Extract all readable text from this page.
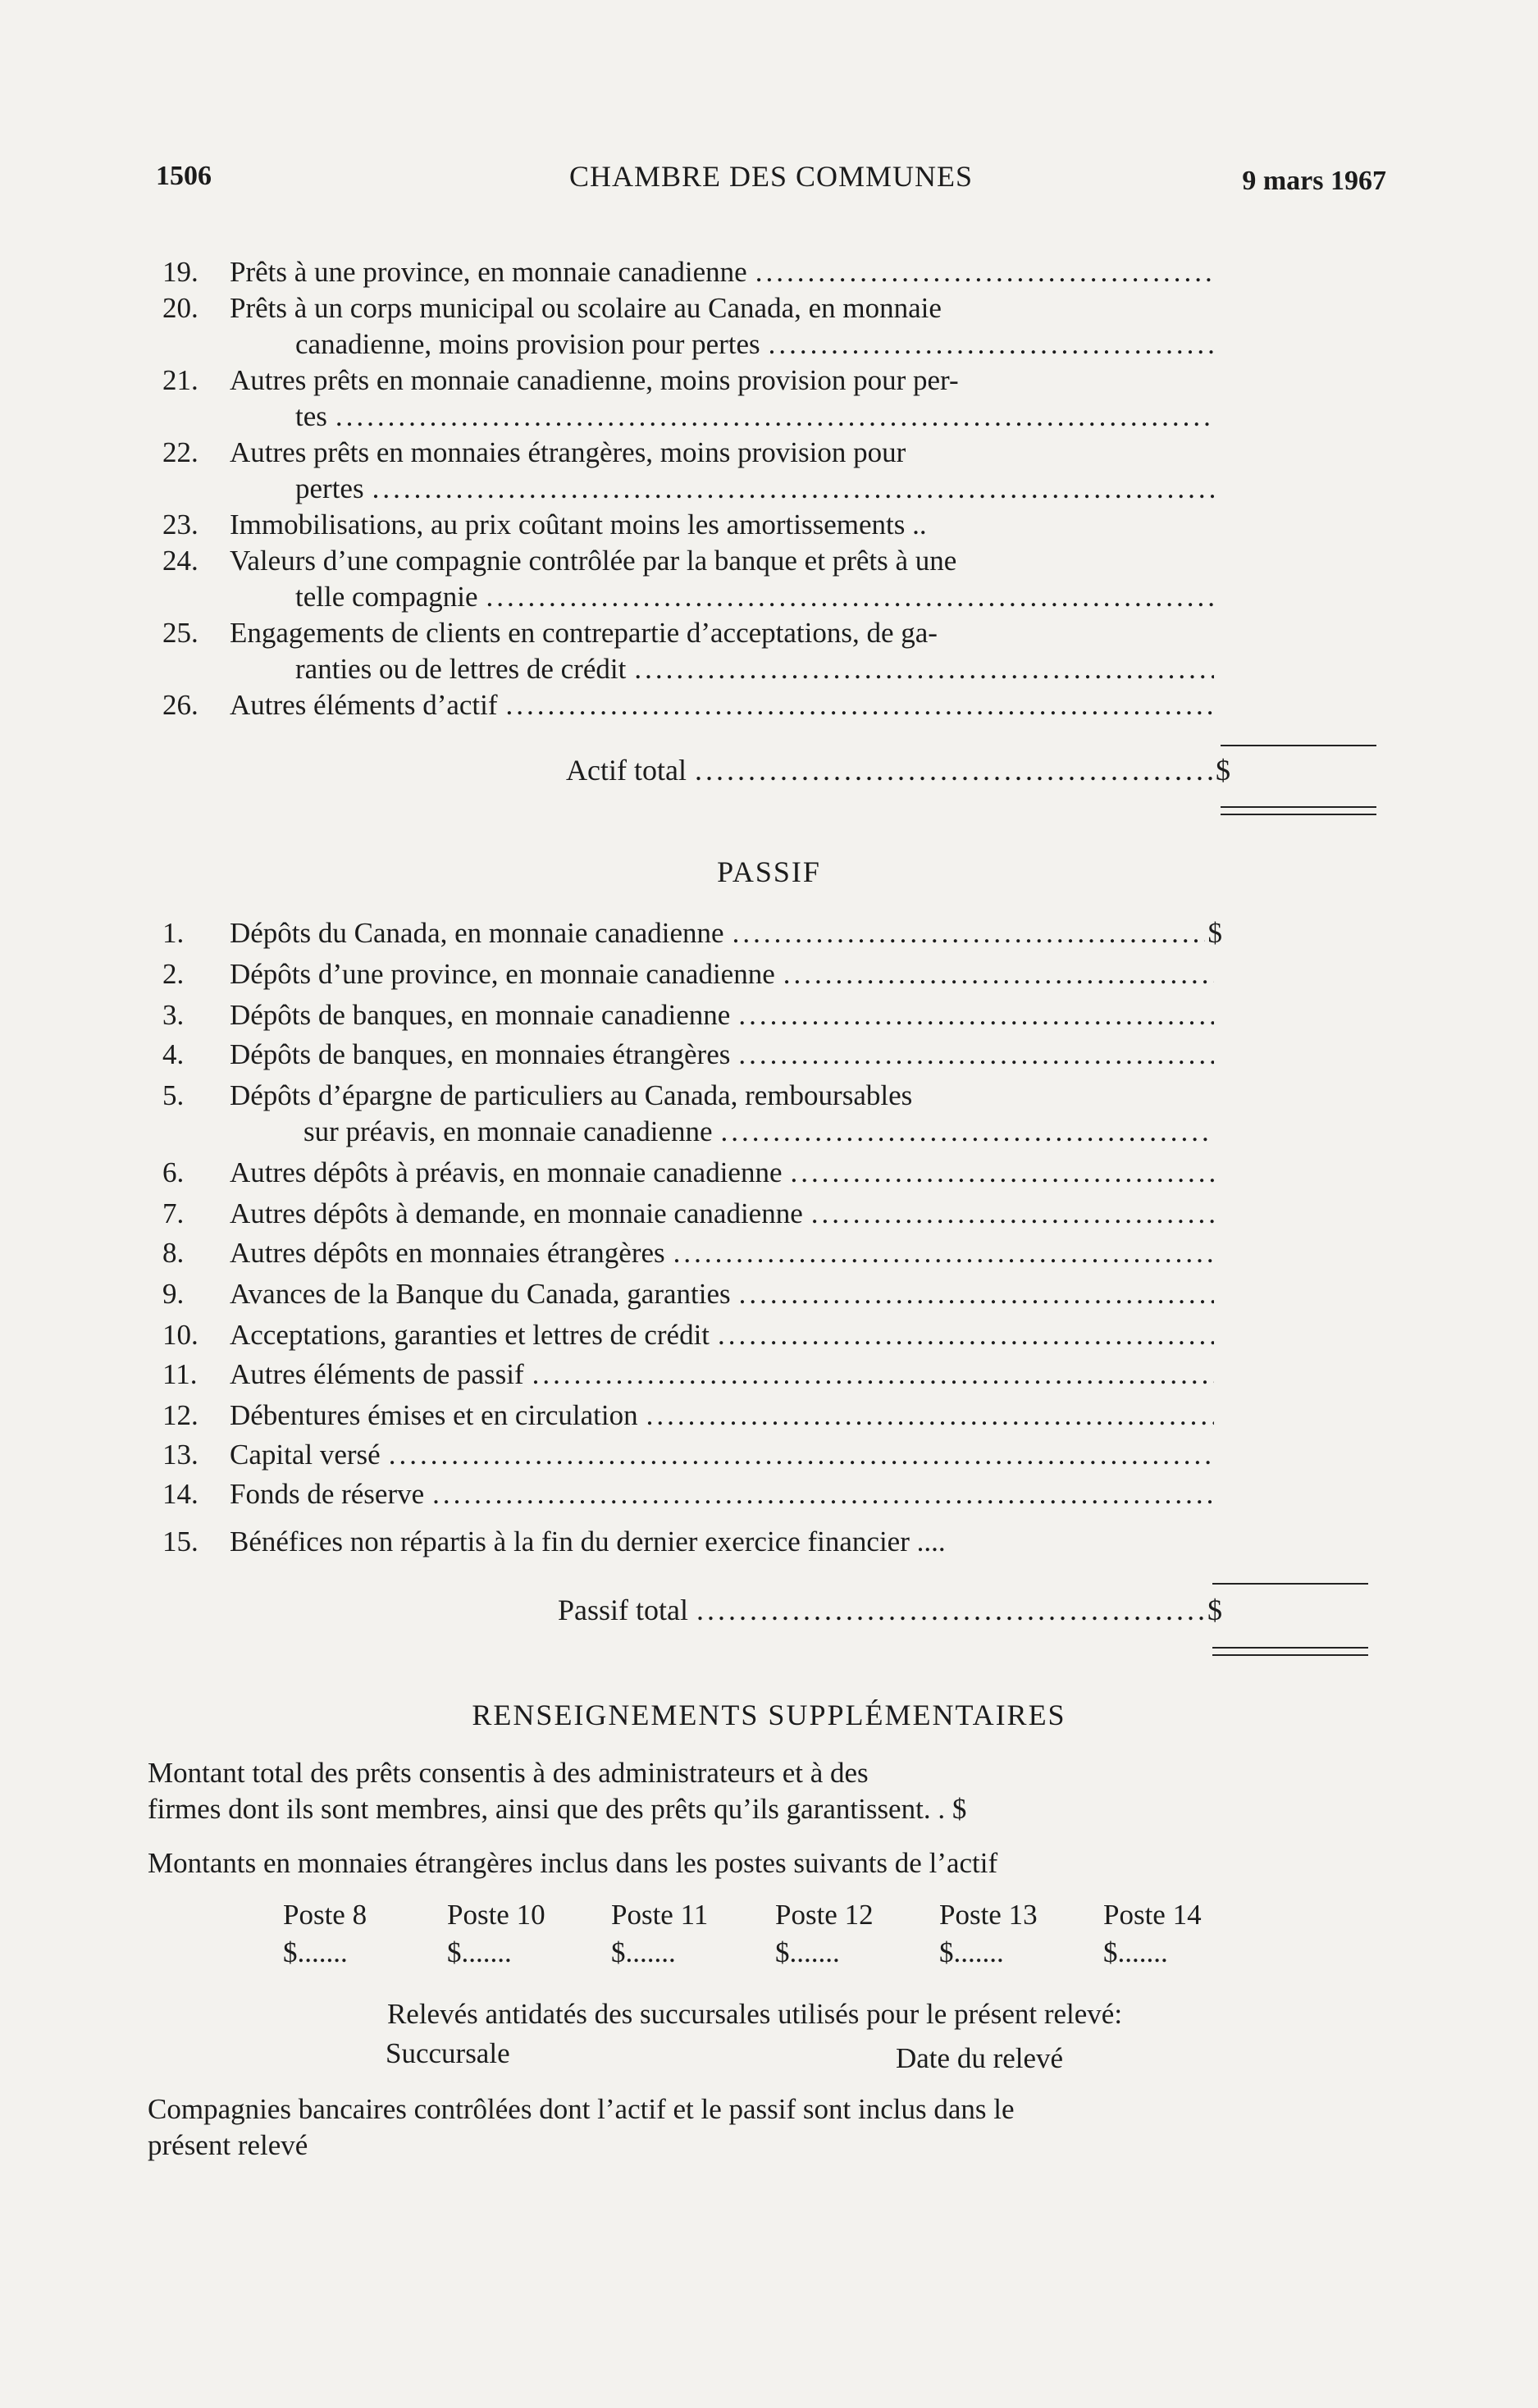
1506	CHAMBRE DES COMMUNES	9 mars 1967
19. Prêts à une province, en monnaie canadienne
.....
20. Prêts à un corps municipal ou scolaire au Canada, en monnaie
canadienne, moins provision pour pertes
.....
21. Autres prêts en monnaie canadienne, moins provision pour per-
tes
.....
22. Autres prêts en monnaies étrangères, moins provision pour
pertes
.....
23. Immobilisations, au prix coûtant moins les amortissements ..
24. Valeurs d’une compagnie contrôlée par la banque et prêts à une
telle compagnie
.....
25. Engagements de clients en contrepartie d’acceptations, de ga-
ranties ou de lettres de crédit
.....
26. Autres éléments d’actif
.....
Actif total .....	$
PASSIF
1. Dépôts du Canada, en monnaie canadienne .....	$
2. Dépôts d’une province, en monnaie canadienne
.....
3. Dépôts de banques, en monnaie canadienne
.....
4. Dépôts de banques, en monnaies étrangères
.....
5. Dépôts d’épargne de particuliers au Canada, remboursables
sur préavis, en monnaie canadienne
.....
6. Autres dépôts à préavis, en monnaie canadienne
.....
7. Autres dépôts à demande, en monnaie canadienne
.....
8. Autres dépôts en monnaies étrangères
.....
9. Avances de la Banque du Canada, garanties
.....
10. Acceptations, garanties et lettres de crédit
.....
11. Autres éléments de passif
.....
12. Débentures émises et en circulation
.....
13. Capital versé
.....
14. Fonds de réserve
.....
15. Bénéfices non répartis à la fin du dernier exercice financier ....
Passif total .....	$
RENSEIGNEMENTS SUPPLÉMENTAIRES
Montant total des prêts consentis à des administrateurs et à des
firmes dont ils sont membres, ainsi que des prêts qu’ils garantissent. . $
Montants en monnaies étrangères inclus dans les postes suivants de l’actif
Poste 8	Poste 10 Poste 11 Poste 12 Poste 13 Poste 14
$.......	$.......	$.......	$.......	$.......	$.......
Relevés antidatés des succursales utilisés pour le présent relevé:
Succursale	Date du relevé
Compagnies bancaires contrôlées dont l’actif et le passif sont inclus dans le
présent relevé
